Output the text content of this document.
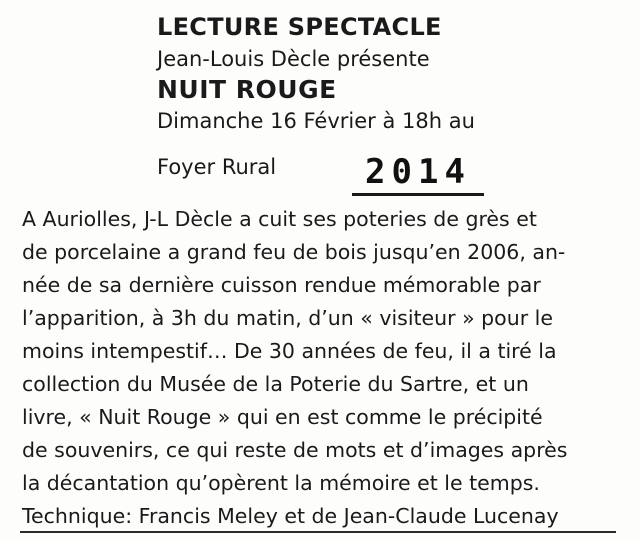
LECTURE SPECTACLE
Jean-Louis Dècle présente
NUIT ROUGE
Dimanche 16 Février à 18h au
Foyer Rural	2014
A Auriolles, J-L Dècle a cuit ses poteries de grès et
de porcelaine a grand feu de bois jusqu’en 2006, an-
née de sa dernière cuisson rendue mémorable par
l’apparition, à 3h du matin, d’un « visiteur » pour le
moins intempestif… De 30 années de feu, il a tiré la
collection du Musée de la Poterie du Sartre, et un
livre, « Nuit Rouge » qui en est comme le précipité
de souvenirs, ce qui reste de mots et d’images après
la décantation qu’opèrent la mémoire et le temps.
Technique: Francis Meley et de Jean-Claude Lucenay
